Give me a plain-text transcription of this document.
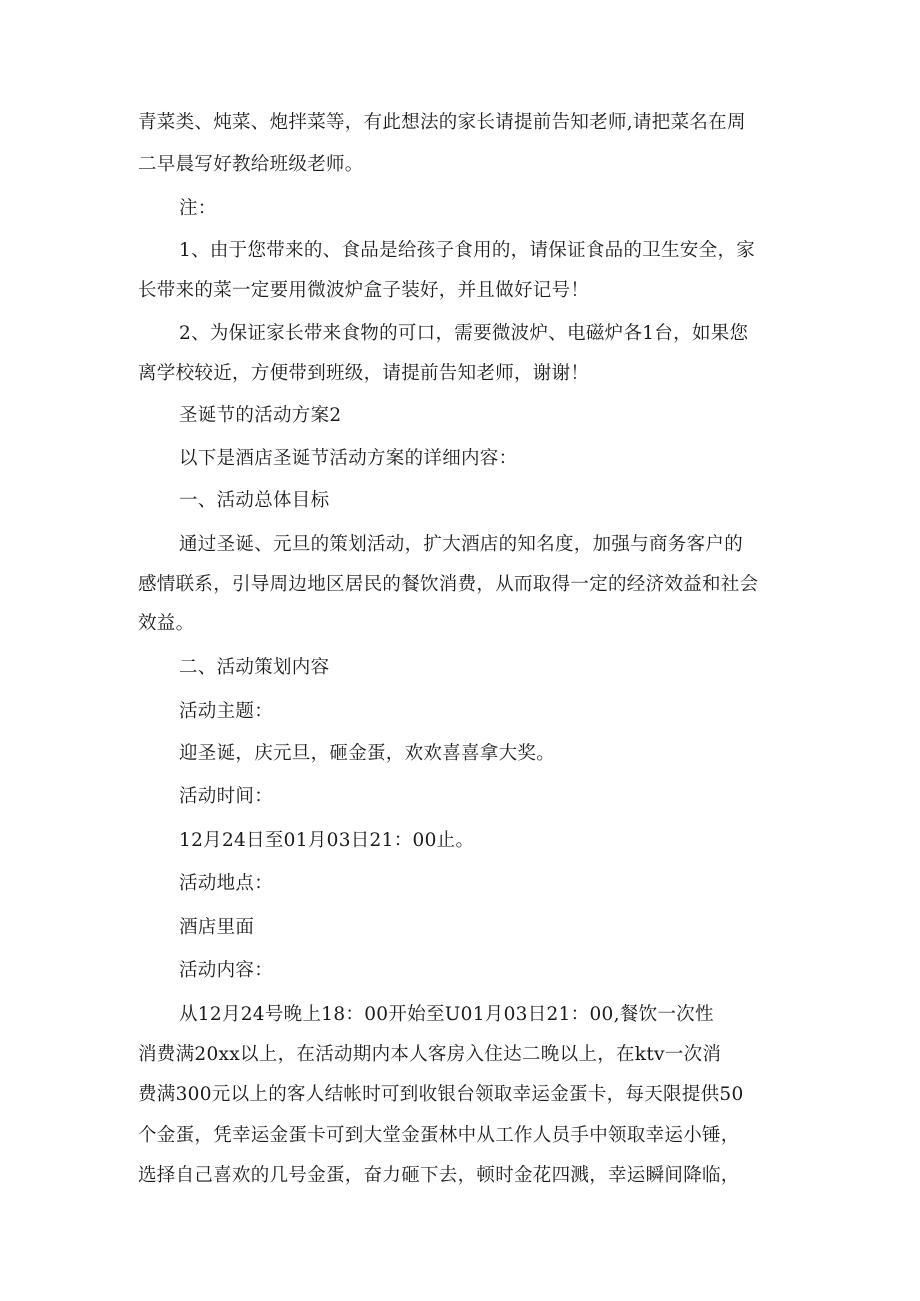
青菜类、炖菜、炮拌菜等，有此想法的家长请提前告知老师,请把菜名在周
二早晨写好教给班级老师。
注：
1、由于您带来的、食品是给孩子食用的，请保证食品的卫生安全，家
长带来的菜一定要用微波炉盒子装好，并且做好记号！
2、为保证家长带来食物的可口，需要微波炉、电磁炉各1台，如果您
离学校较近，方便带到班级，请提前告知老师，谢谢！
圣诞节的活动方案2
以下是酒店圣诞节活动方案的详细内容：
一、活动总体目标
通过圣诞、元旦的策划活动，扩大酒店的知名度，加强与商务客户的
感情联系，引导周边地区居民的餐饮消费，从而取得一定的经济效益和社会
效益。
二、活动策划内容
活动主题：
迎圣诞，庆元旦，砸金蛋，欢欢喜喜拿大奖。
活动时间：
12月24日至01月03日21：00止。
活动地点：
酒店里面
活动内容：
从12月24号晚上18：00开始至U01月03日21：00,餐饮一次性
消费满20xx以上，在活动期内本人客房入住达二晚以上，在ktv一次消
费满300元以上的客人结帐时可到收银台领取幸运金蛋卡，每天限提供50
个金蛋，凭幸运金蛋卡可到大堂金蛋林中从工作人员手中领取幸运小锤，
选择自己喜欢的几号金蛋，奋力砸下去，顿时金花四溅，幸运瞬间降临，
